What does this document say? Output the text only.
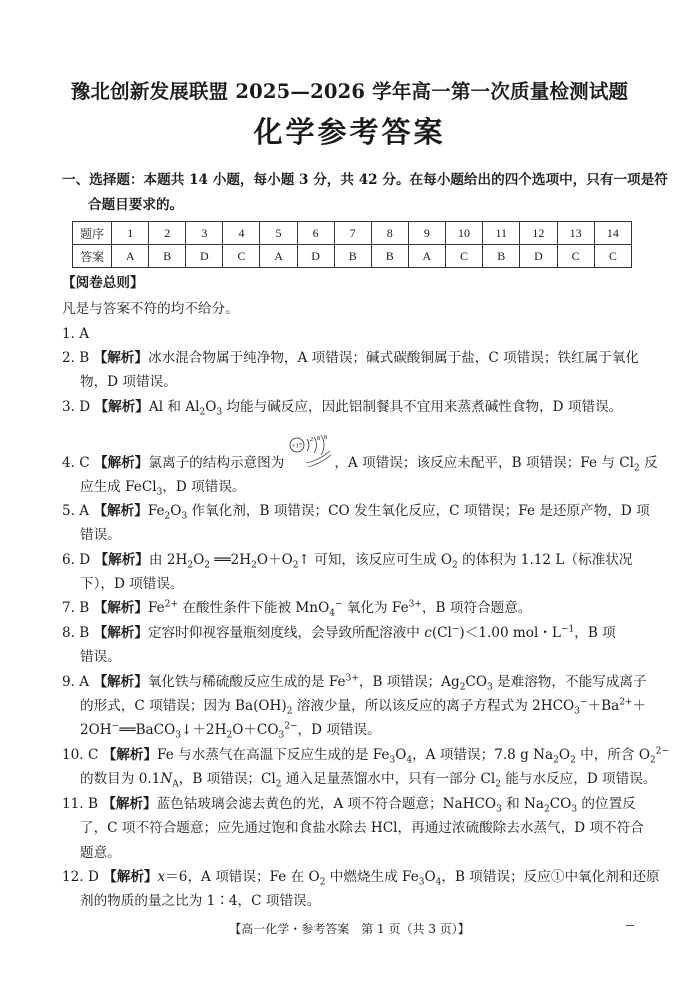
豫北创新发展联盟 2025—2026 学年高一第一次质量检测试题
化学参考答案
一、选择题：本题共 14 小题，每小题 3 分，共 42 分。在每小题给出的四个选项中，只有一项是符
合题目要求的。
题序	1	2	3	4	5	6	7	8	9	10	11	12	13	14
答案	A	B	D	C	A	D	B	B	A	C	B	D	C	C
【阅卷总则】
凡是与答案不符的均不给分。
1. A
2. B 【解析】冰水混合物属于纯净物，A 项错误；碱式碳酸铜属于盐，C 项错误；铁红属于氧化
物，D 项错误。
3. D 【解析】Al 和 $Al_2O_3$ 均能与碱反应，因此铝制餐具不宜用来蒸煮碱性食物，D 项错误。
+17
2 8 8
4. C 【解析】氯离子的结构示意图为	，A 项错误；该反应未配平，B 项错误；Fe 与 $Cl_2$ 反
应生成 FeCl$_3$，D 项错误。
5. A 【解析】$Fe_2O_3$ 作氧化剂，B 项错误；CO 发生氧化反应，C 项错误；Fe 是还原产物，D 项
错误。
6. D 【解析】由 $2H_2O_2$ $══2H_2O+O_2↑$ 可知，该反应可生成 $O_2$ 的体积为 1.12 L（标准状况
下），D 项错误。
7. B 【解析】$Fe^{2+}$ 在酸性条件下能被 MnO$_4$− 氧化为 $Fe^{3+}$，B 项符合题意。
8. B 【解析】定容时仰视容量瓶刻度线，会导致所配溶液中 c(Cl−)＜1.00 mol・$L^{-1}$，B 项
错误。
9. A 【解析】氧化铁与稀硫酸反应生成的是 $Fe^{3+}$，B 项错误；$Ag_2CO_3$ 是难溶物，不能写成离子
的形式，C 项错误；因为 $Ba(OH)_2$ 溶液少量，所以该反应的离子方程式为 $2HCO_3^-+Ba^{2+}+$
$2OH^-══BaCO_3↓+2H_2O+CO_3^{2-}$，D 项错误。
10. C 【解析】Fe 与水蒸气在高温下反应生成的是 $Fe_3O_4$，A 项错误；7.8 g $Na_2O_2$ 中，所含 $O_2^{2-}$
的数目为 $0.1N_A$，B 项错误；$Cl_2$ 通入足量蒸馏水中，只有一部分 $Cl_2$ 能与水反应，D 项错误。
11. B 【解析】蓝色钴玻璃会滤去黄色的光，A 项不符合题意；NaHCO$_3$ 和 $Na_2CO_3$ 的位置反
了，C 项不符合题意；应先通过饱和食盐水除去 HCl，再通过浓硫酸除去水蒸气，D 项不符合
题意。
12. D 【解析】x＝6，A 项错误；Fe 在 $O_2$ 中燃烧生成 $Fe_3O_4$，B 项错误；反应①中氧化剂和还原
剂的物质的量之比为 1∶4，C 项错误。
【高一化学・参考答案　第 1 页（共 3 页）】
